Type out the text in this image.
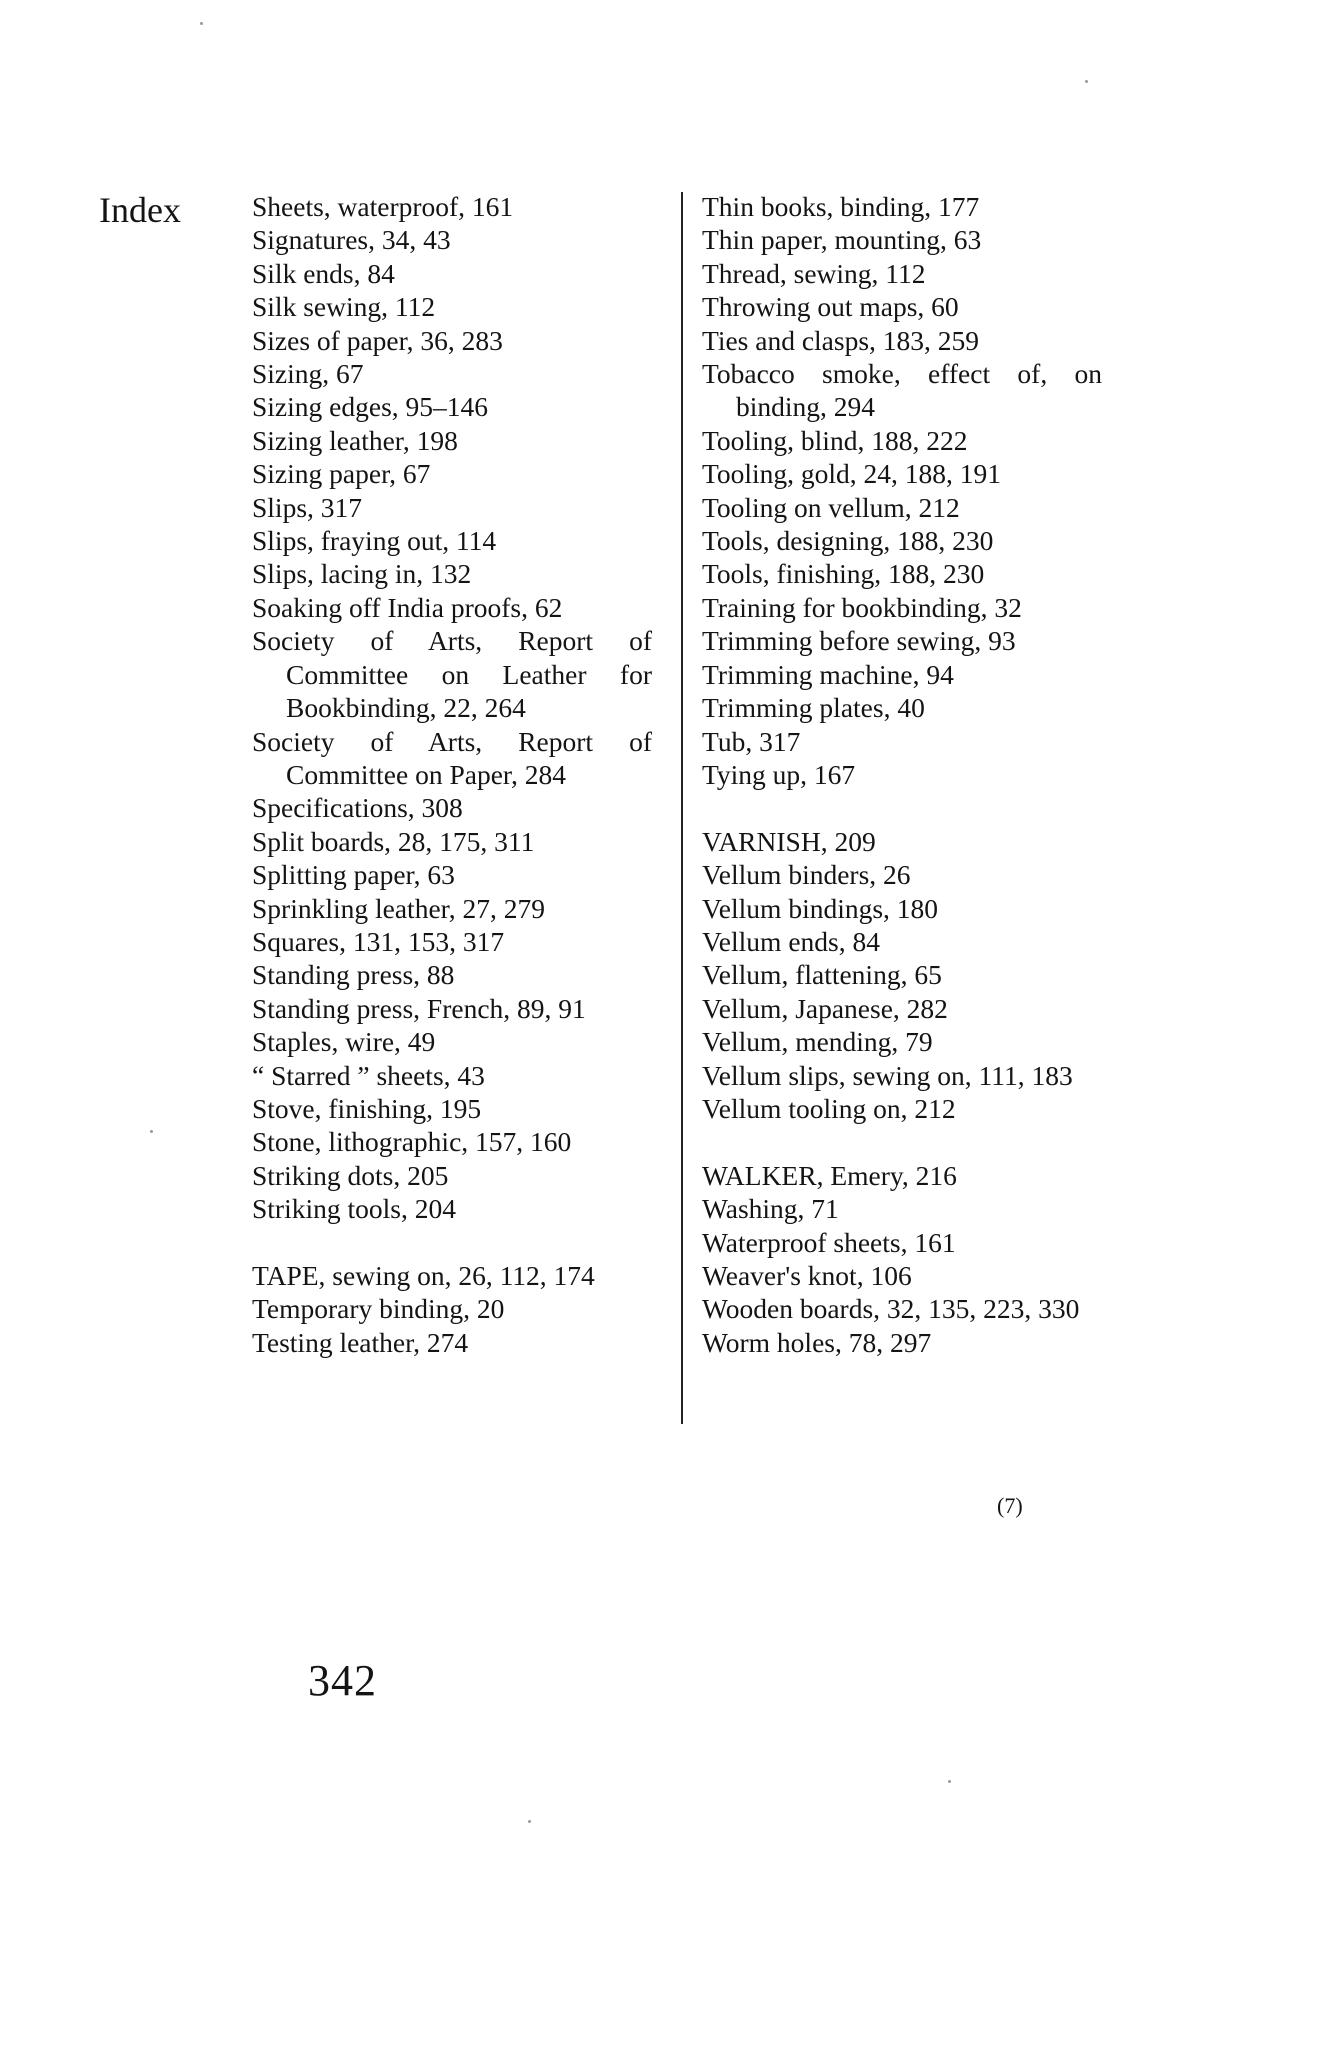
Index	Sheets, waterproof, 161
Signatures, 34, 43
Silk ends, 84
Silk sewing, 112
Sizes of paper, 36, 283
Sizing, 67
Sizing edges, 95–146
Sizing leather, 198
Sizing paper, 67
Slips, 317
Slips, fraying out, 114
Slips, lacing in, 132
Soaking off India proofs, 62
Society of Arts, Report of Committee on Leather for Bookbinding, 22, 264
Society of Arts, Report of Committee on Paper, 284
Specifications, 308
Split boards, 28, 175, 311
Splitting paper, 63
Sprinkling leather, 27, 279
Squares, 131, 153, 317
Standing press, 88
Standing press, French, 89, 91
Staples, wire, 49
“ Starred ” sheets, 43
Stove, finishing, 195
Stone, lithographic, 157, 160
Striking dots, 205
Striking tools, 204
TAPE, sewing on, 26, 112, 174
Temporary binding, 20
Testing leather, 274
Thin books, binding, 177
Thin paper, mounting, 63
Thread, sewing, 112
Throwing out maps, 60
Ties and clasps, 183, 259
Tobacco smoke, effect of, on binding, 294
Tooling, blind, 188, 222
Tooling, gold, 24, 188, 191
Tooling on vellum, 212
Tools, designing, 188, 230
Tools, finishing, 188, 230
Training for bookbinding, 32
Trimming before sewing, 93
Trimming machine, 94
Trimming plates, 40
Tub, 317
Tying up, 167
VARNISH, 209
Vellum binders, 26
Vellum bindings, 180
Vellum ends, 84
Vellum, flattening, 65
Vellum, Japanese, 282
Vellum, mending, 79
Vellum slips, sewing on, 111, 183
Vellum tooling on, 212
WALKER, Emery, 216
Washing, 71
Waterproof sheets, 161
Weaver's knot, 106
Wooden boards, 32, 135, 223, 330
Worm holes, 78, 297
(7)
342
